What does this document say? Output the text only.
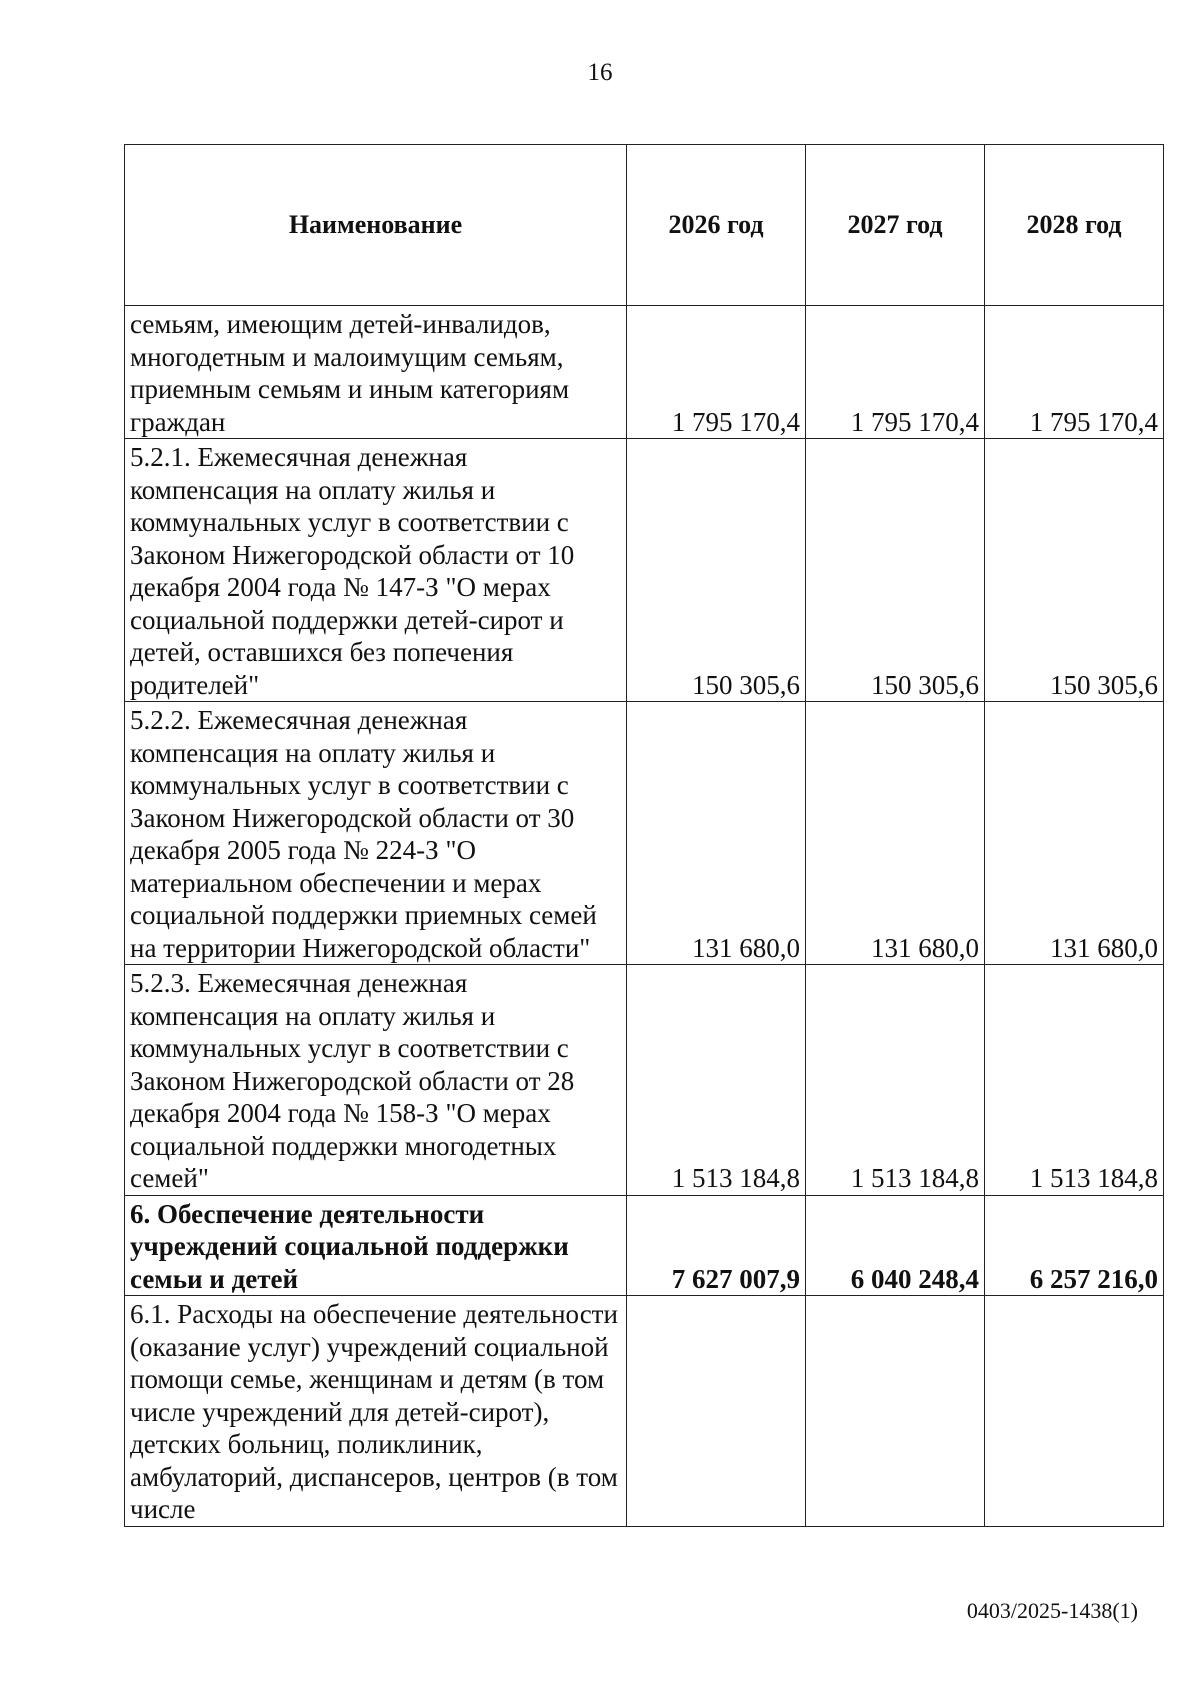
16
Наименование	2026 год	2027 год	2028 год
семьям, имеющим детей-инвалидов, многодетным и малоимущим семьям, приемным семьям и иным категориям граждан	1 795 170,4	1 795 170,4	1 795 170,4
5.2.1. Ежемесячная денежная компенсация на оплату жилья и коммунальных услуг в соответствии с Законом Нижегородской области от 10 декабря 2004 года № 147-З "О мерах социальной поддержки детей-сирот и детей, оставшихся без попечения родителей"	150 305,6	150 305,6	150 305,6
5.2.2. Ежемесячная денежная компенсация на оплату жилья и коммунальных услуг в соответствии с Законом Нижегородской области от 30 декабря 2005 года № 224-З "О материальном обеспечении и мерах социальной поддержки приемных семей на территории Нижегородской области"	131 680,0	131 680,0	131 680,0
5.2.3. Ежемесячная денежная компенсация на оплату жилья и коммунальных услуг в соответствии с Законом Нижегородской области от 28 декабря 2004 года № 158-З "О мерах социальной поддержки многодетных семей"	1 513 184,8	1 513 184,8	1 513 184,8
6. Обеспечение деятельности учреждений социальной поддержки семьи и детей	7 627 007,9	6 040 248,4	6 257 216,0
6.1. Расходы на обеспечение деятельности (оказание услуг) учреждений социальной помощи семье, женщинам и детям (в том числе учреждений для детей-сирот), детских больниц, поликлиник, амбулаторий, диспансеров, центров (в том числе			
0403/2025-1438(1)
